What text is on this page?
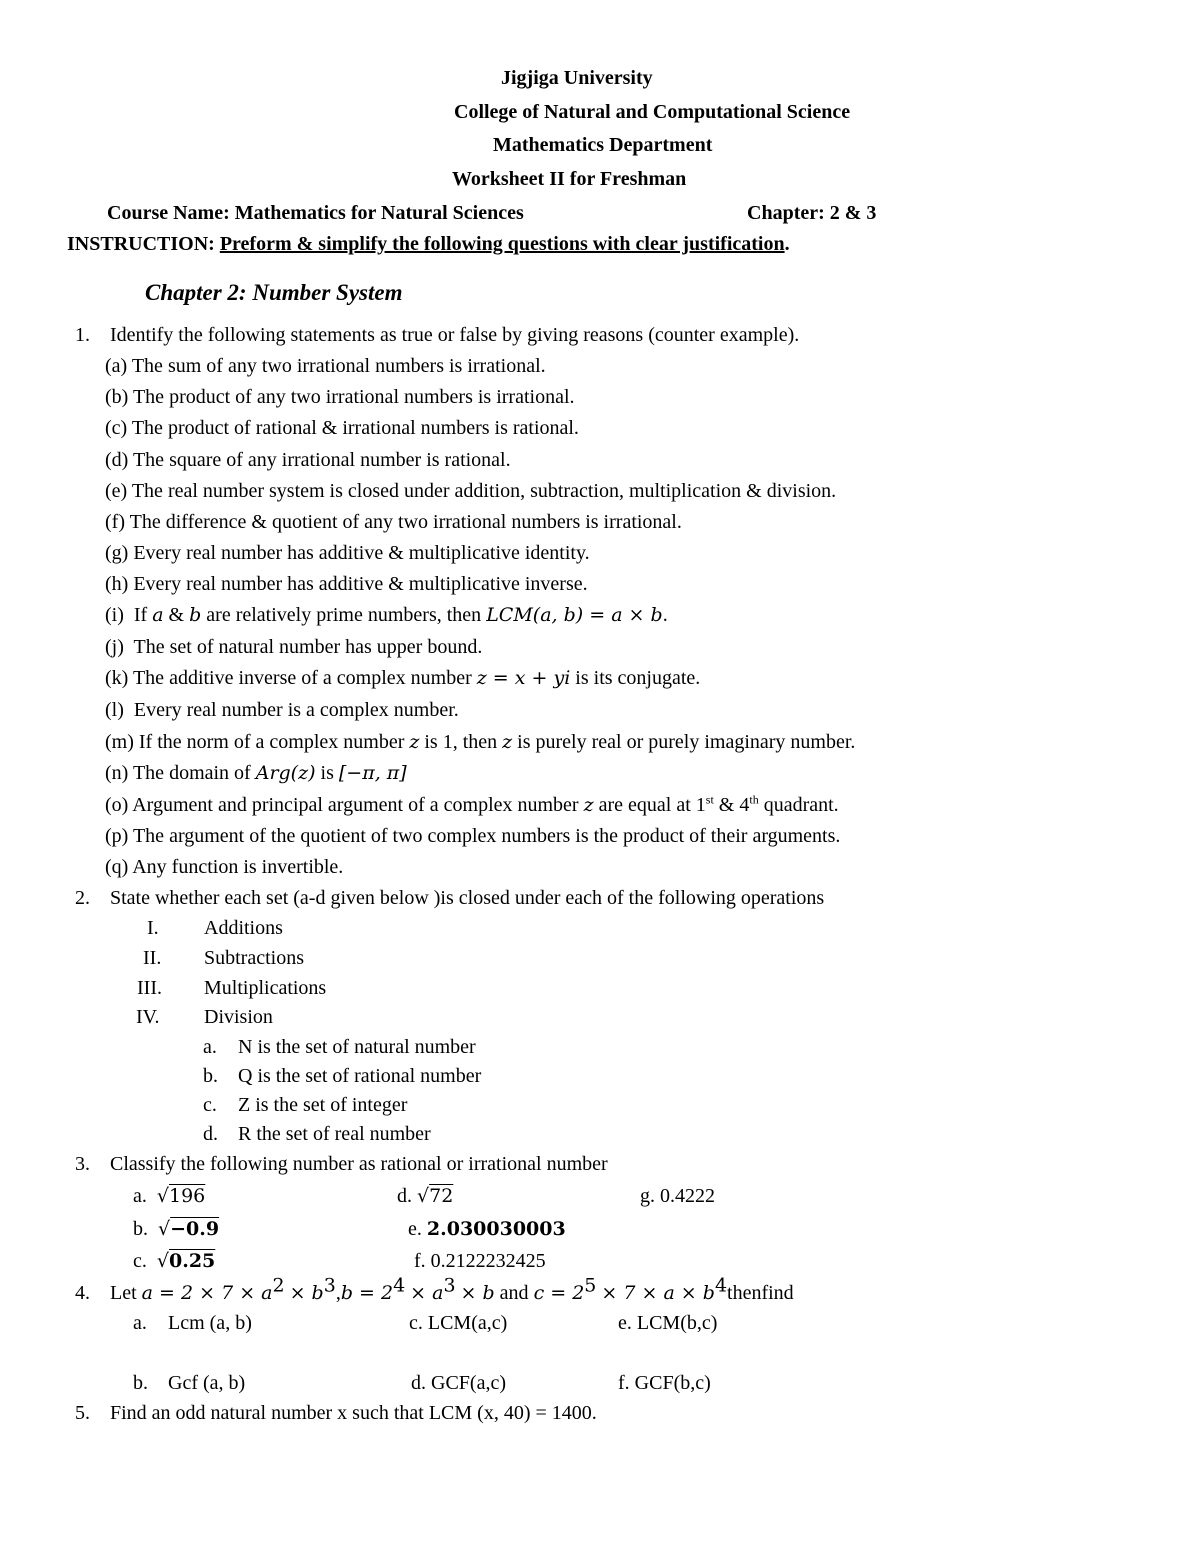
Jigjiga University
College of Natural and Computational Science
Mathematics Department
Worksheet II for Freshman
Course Name: Mathematics for Natural Sciences	Chapter: 2 & 3
INSTRUCTION: Preform & simplify the following questions with clear justification.
Chapter 2: Number System
1. Identify the following statements as true or false by giving reasons (counter example).
(a) The sum of any two irrational numbers is irrational.
(b) The product of any two irrational numbers is irrational.
(c) The product of rational & irrational numbers is rational.
(d) The square of any irrational number is rational.
(e) The real number system is closed under addition, subtraction, multiplication & division.
(f) The difference & quotient of any two irrational numbers is irrational.
(g) Every real number has additive & multiplicative identity.
(h) Every real number has additive & multiplicative inverse.
(i) If a & b are relatively prime numbers, then LCM(a, b) = a × b.
(j) The set of natural number has upper bound.
(k) The additive inverse of a complex number z = x + yi is its conjugate.
(l) Every real number is a complex number.
(m) If the norm of a complex number z is 1, then z is purely real or purely imaginary number.
(n) The domain of Arg(z) is [−π, π]
(o) Argument and principal argument of a complex number z are equal at 1st & 4th quadrant.
(p) The argument of the quotient of two complex numbers is the product of their arguments.
(q) Any function is invertible.
2. State whether each set (a-d given below )is closed under each of the following operations
I. Additions
II. Subtractions
III. Multiplications
IV. Division
a. N is the set of natural number
b. Q is the set of rational number
c. Z is the set of integer
d. R the set of real number
3. Classify the following number as rational or irrational number
a. √196	d. √72	g. 0.4222
b. √−0.9	e. 2.030030003
c. √0.25	f. 0.2122232425
4. Let $a = 2 \times 7 \times a^2 \times b^3,b = 2^4 \times a^3 \times b$ and $c = 2^5 \times 7 \times a$ × $b^4thenfind$
a. Lcm (a, b)	c. LCM(a,c)	e. LCM(b,c)
b. Gcf (a, b)	d. GCF(a,c)	f. GCF(b,c)
5. Find an odd natural number x such that LCM (x, 40) = 1400.
